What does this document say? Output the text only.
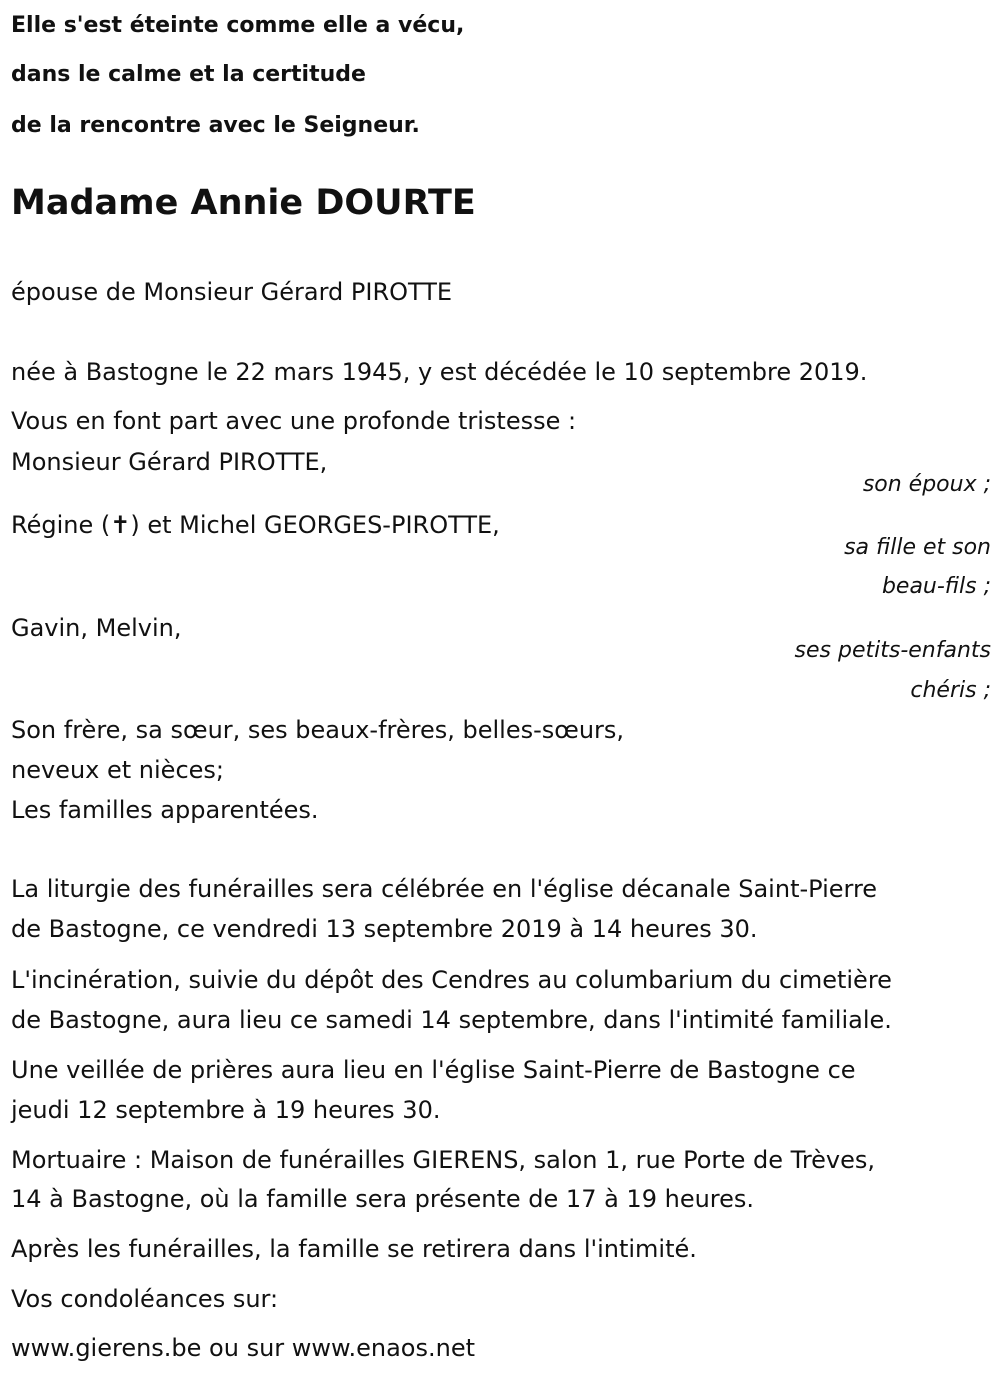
Elle s'est éteinte comme elle a vécu,
dans le calme et la certitude
de la rencontre avec le Seigneur.
Madame Annie DOURTE
épouse de Monsieur Gérard PIROTTE
née à Bastogne le 22 mars 1945, y est décédée le 10 septembre 2019.
Vous en font part avec une profonde tristesse :
Monsieur Gérard PIROTTE,
son époux ;
Régine (✝) et Michel GEORGES-PIROTTE,
sa fille et son
beau-fils ;
Gavin, Melvin,
ses petits-enfants
chéris ;
Son frère, sa sœur, ses beaux-frères, belles-sœurs,
neveux et nièces;
Les familles apparentées.
La liturgie des funérailles sera célébrée en l'église décanale Saint-Pierre
de Bastogne, ce vendredi 13 septembre 2019 à 14 heures 30.
L'incinération, suivie du dépôt des Cendres au columbarium du cimetière
de Bastogne, aura lieu ce samedi 14 septembre, dans l'intimité familiale.
Une veillée de prières aura lieu en l'église Saint-Pierre de Bastogne ce
jeudi 12 septembre à 19 heures 30.
Mortuaire : Maison de funérailles GIERENS, salon 1, rue Porte de Trèves,
14 à Bastogne, où la famille sera présente de 17 à 19 heures.
Après les funérailles, la famille se retirera dans l'intimité.
Vos condoléances sur:
www.gierens.be ou sur www.enaos.net
